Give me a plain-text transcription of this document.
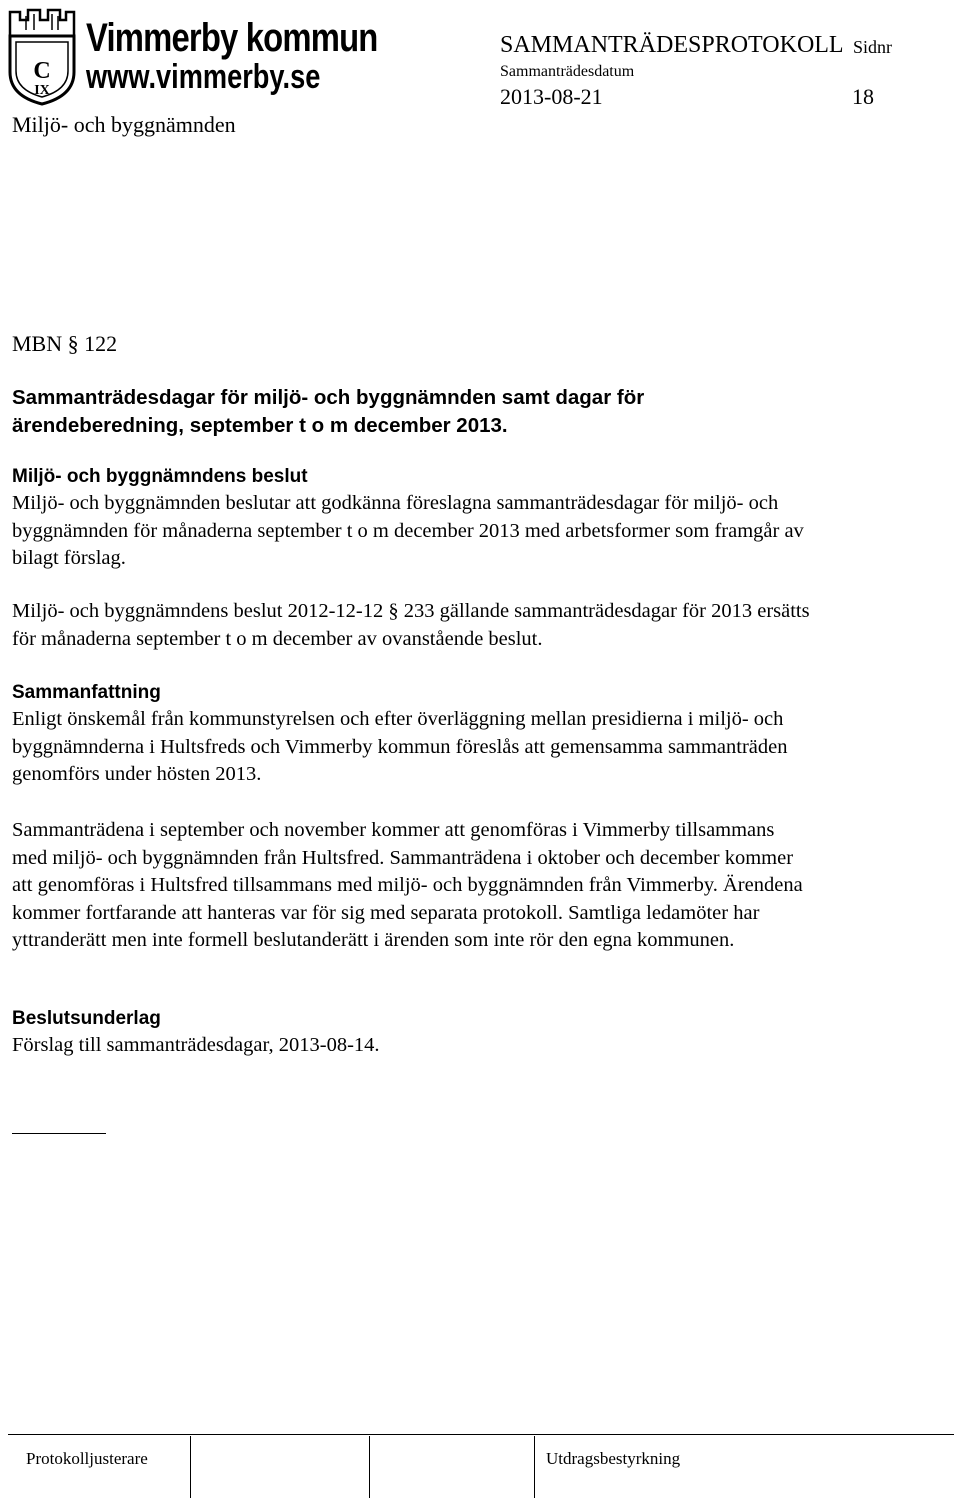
C
IX
Vimmerby kommun
www.vimmerby.se
SAMMANTRÄDESPROTOKOLL Sidnr
Sammanträdesdatum
2013-08-21	18
Miljö- och byggnämnden
MBN § 122
Sammanträdesdagar för miljö- och byggnämnden samt dagar för ärendeberedning, september t o m december 2013.
Miljö- och byggnämndens beslut
Miljö- och byggnämnden beslutar att godkänna föreslagna sammanträdesdagar för miljö- och byggnämnden för månaderna september t o m december 2013 med arbetsformer som framgår av bilagt förslag.
Miljö- och byggnämndens beslut 2012-12-12 § 233 gällande sammanträdesdagar för 2013 ersätts för månaderna september t o m december av ovanstående beslut.
Sammanfattning
Enligt önskemål från kommunstyrelsen och efter överläggning mellan presidierna i miljö- och byggnämnderna i Hultsfreds och Vimmerby kommun föreslås att gemensamma sammanträden genomförs under hösten 2013.
Sammanträdena i september och november kommer att genomföras i Vimmerby tillsammans med miljö- och byggnämnden från Hultsfred. Sammanträdena i oktober och december kommer att genomföras i Hultsfred tillsammans med miljö- och byggnämnden från Vimmerby. Ärendena kommer fortfarande att hanteras var för sig med separata protokoll. Samtliga ledamöter har yttranderätt men inte formell beslutanderätt i ärenden som inte rör den egna kommunen.
Beslutsunderlag
Förslag till sammanträdesdagar, 2013-08-14.
Protokolljusterare	Utdragsbestyrkning
